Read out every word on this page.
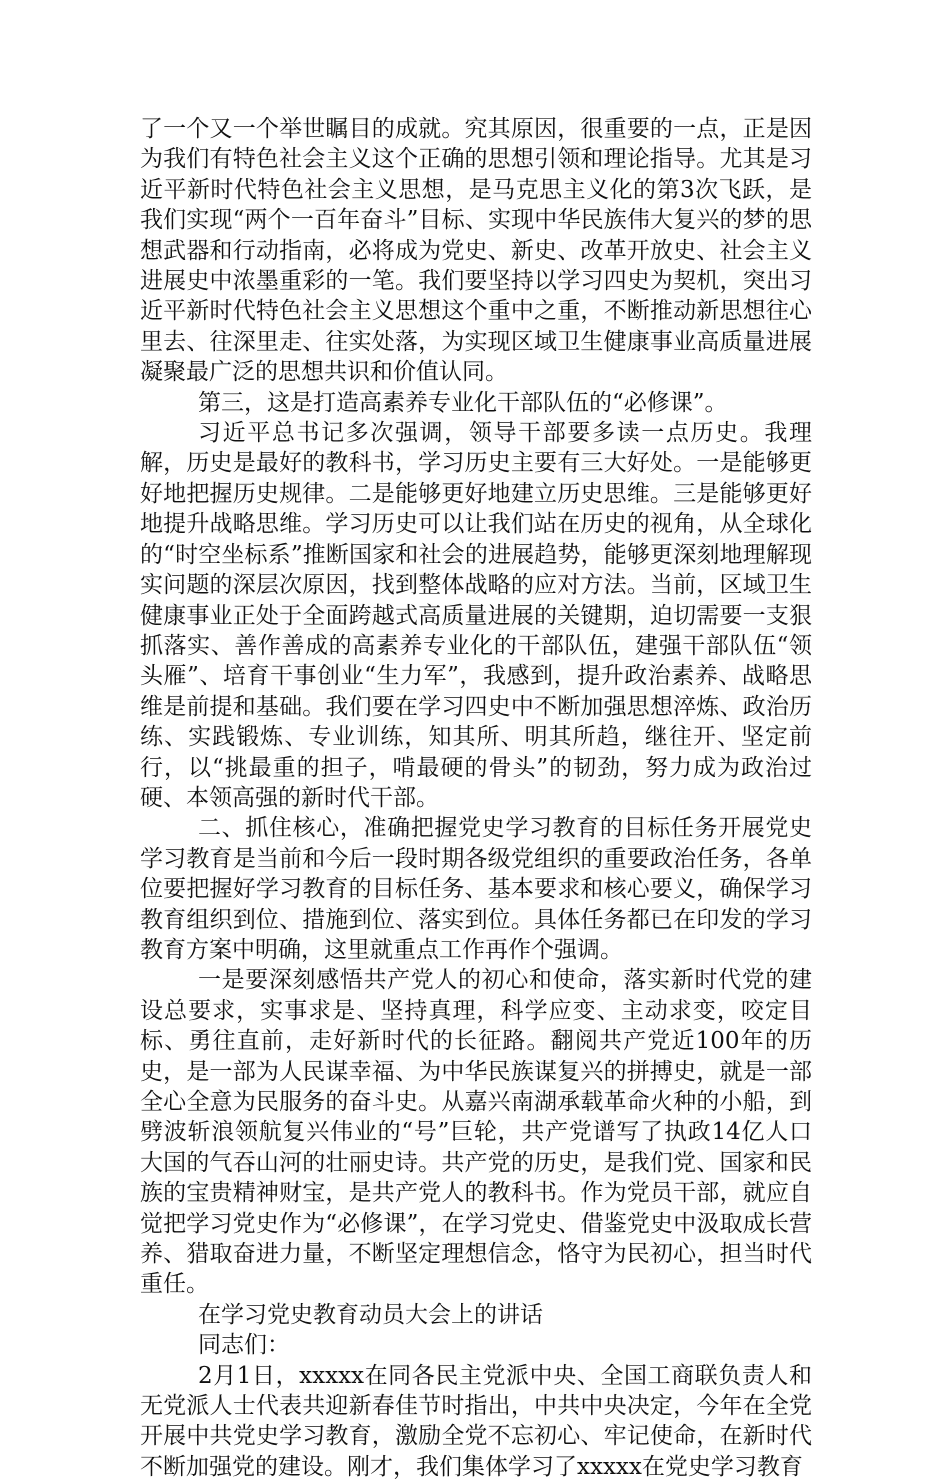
了一个又一个举世瞩目的成就。究其原因，很重要的一点，正是因为我们有特色社会主义这个正确的思想引领和理论指导。尤其是习近平新时代特色社会主义思想，是马克思主义化的第3次飞跃，是我们实现“两个一百年奋斗”目标、实现中华民族伟大复兴的梦的思想武器和行动指南，必将成为党史、新史、改革开放史、社会主义进展史中浓墨重彩的一笔。我们要坚持以学习四史为契机，突出习近平新时代特色社会主义思想这个重中之重，不断推动新思想往心里去、往深里走、往实处落，为实现区域卫生健康事业高质量进展凝聚最广泛的思想共识和价值认同。

第三，这是打造高素养专业化干部队伍的“必修课”。

习近平总书记多次强调，领导干部要多读一点历史。我理解，历史是最好的教科书，学习历史主要有三大好处。一是能够更好地把握历史规律。二是能够更好地建立历史思维。三是能够更好地提升战略思维。学习历史可以让我们站在历史的视角，从全球化的“时空坐标系”推断国家和社会的进展趋势，能够更深刻地理解现实问题的深层次原因，找到整体战略的应对方法。当前，区域卫生健康事业正处于全面跨越式高质量进展的关键期，迫切需要一支狠抓落实、善作善成的高素养专业化的干部队伍，建强干部队伍“领头雁”、培育干事创业“生力军”，我感到，提升政治素养、战略思维是前提和基础。我们要在学习四史中不断加强思想淬炼、政治历练、实践锻炼、专业训练，知其所、明其所趋，继往开、坚定前行，以“挑最重的担子，啃最硬的骨头”的韧劲，努力成为政治过硬、本领高强的新时代干部。

二、抓住核心，准确把握党史学习教育的目标任务开展党史学习教育是当前和今后一段时期各级党组织的重要政治任务，各单位要把握好学习教育的目标任务、基本要求和核心要义，确保学习教育组织到位、措施到位、落实到位。具体任务都已在印发的学习教育方案中明确，这里就重点工作再作个强调。

一是要深刻感悟共产党人的初心和使命，落实新时代党的建设总要求，实事求是、坚持真理，科学应变、主动求变，咬定目标、勇往直前，走好新时代的长征路。翻阅共产党近100年的历史，是一部为人民谋幸福、为中华民族谋复兴的拼搏史，就是一部全心全意为民服务的奋斗史。从嘉兴南湖承载革命火种的小船，到劈波斩浪领航复兴伟业的“号”巨轮，共产党谱写了执政14亿人口大国的气吞山河的壮丽史诗。共产党的历史，是我们党、国家和民族的宝贵精神财宝，是共产党人的教科书。作为党员干部，就应自觉把学习党史作为“必修课”，在学习党史、借鉴党史中汲取成长营养、猎取奋进力量，不断坚定理想信念，恪守为民初心，担当时代重任。

在学习党史教育动员大会上的讲话

同志们：

2月1日，xxxxx在同各民主党派中央、全国工商联负责人和无党派人士代表共迎新春佳节时指出，中共中央决定，今年在全党开展中共党史学习教育，激励全党不忘初心、牢记使命，在新时代不断加强党的建设。刚才，我们集体学习了xxxxx在党史学习教育
